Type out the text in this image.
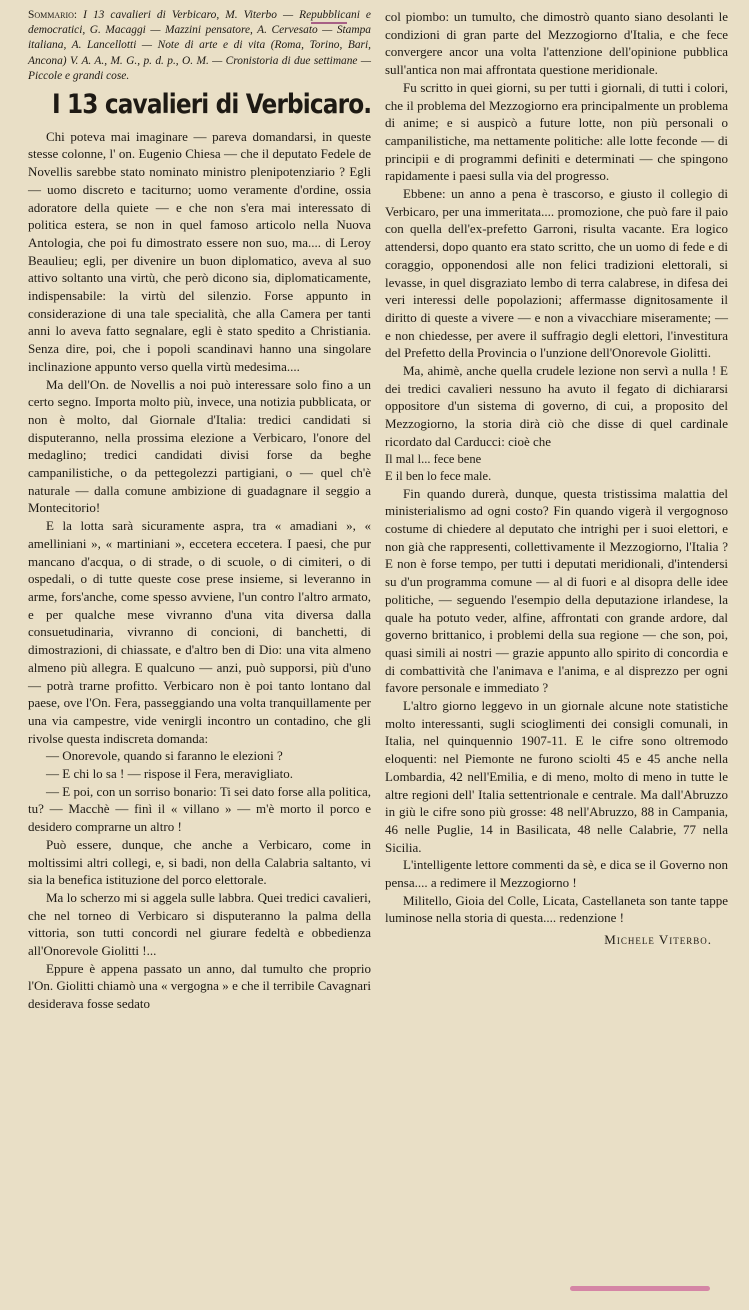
Sommario: I 13 cavalieri di Verbicaro, M. Viterbo — Repubblicani e democratici, G. Macaggi — Mazzini pensatore, A. Cervesato — Stampa italiana, A. Lancellotti — Note di arte e di vita (Roma, Torino, Bari, Ancona) V. A. A., M. G., p. d. p., O. M. — Cronistoria di due settimane — Piccole e grandi cose.

I 13 cavalieri di Verbicaro.

Chi poteva mai imaginare — pareva domandarsi, in queste stesse colonne, l' on. Eugenio Chiesa — che il deputato Fedele de Novellis sarebbe stato nominato ministro plenipotenziario ? Egli — uomo discreto e taciturno; uomo veramente d'ordine, ossia adoratore della quiete — e che non s'era mai interessato di politica estera, se non in quel famoso articolo nella Nuova Antologia, che poi fu dimostrato essere non suo, ma.... di Leroy Beaulieu; egli, per divenire un buon diplomatico, aveva al suo attivo soltanto una virtù, che però dicono sia, diplomaticamente, indispensabile: la virtù del silenzio. Forse appunto in considerazione di una tale specialità, che alla Camera per tanti anni lo aveva fatto segnalare, egli è stato spedito a Christiania. Senza dire, poi, che i popoli scandinavi hanno una singolare inclinazione appunto verso quella virtù medesima....

Ma dell'On. de Novellis a noi può interessare solo fino a un certo segno. Importa molto più, invece, una notizia pubblicata, or non è molto, dal Giornale d'Italia: tredici candidati si disputeranno, nella prossima elezione a Verbicaro, l'onore del medaglino; tredici candidati divisi forse da beghe campanilistiche, o da pettegolezzi partigiani, o — quel ch'è naturale — dalla comune ambizione di guadagnare il seggio a Montecitorio!

E la lotta sarà sicuramente aspra, tra « amadiani », « amelliniani », « martiniani », eccetera eccetera. I paesi, che pur mancano d'acqua, o di strade, o di scuole, o di cimiteri, o di ospedali, o di tutte queste cose prese insieme, si leveranno in arme, fors'anche, come spesso avviene, l'un contro l'altro armato, e per qualche mese vivranno d'una vita diversa dalla consuetudinaria, vivranno di concioni, di banchetti, di dimostrazioni, di chiassate, e d'altro ben di Dio: una vita almeno almeno più allegra. E qualcuno — anzi, può supporsi, più d'uno — potrà trarne profitto. Verbicaro non è poi tanto lontano dal paese, ove l'On. Fera, passeggiando una volta tranquillamente per una via campestre, vide venirgli incontro un contadino, che gli rivolse questa indiscreta domanda:

— Onorevole, quando si faranno le elezioni ?

— E chi lo sa ! — rispose il Fera, meravigliato.

— E poi, con un sorriso bonario: Ti sei dato forse alla politica, tu? — Macchè — finì il « villano » — m'è morto il porco e desidero comprarne un altro !

Può essere, dunque, che anche a Verbicaro, come in moltissimi altri collegi, e, si badi, non della Calabria saltanto, vi sia la benefica istituzione del porco elettorale.

Ma lo scherzo mi si aggela sulle labbra. Quei tredici cavalieri, che nel torneo di Verbicaro si disputeranno la palma della vittoria, son tutti concordi nel giurare fedeltà e obbedienza all'Onorevole Giolitti !...

Eppure è appena passato un anno, dal tumulto che proprio l'On. Giolitti chiamò una « vergogna » e che il terribile Cavagnari desiderava fosse sedato

col piombo: un tumulto, che dimostrò quanto siano desolanti le condizioni di gran parte del Mezzogiorno d'Italia, e che fece convergere ancor una volta l'attenzione dell'opinione pubblica sull'antica non mai affrontata questione meridionale.

Fu scritto in quei giorni, su per tutti i giornali, di tutti i colori, che il problema del Mezzogiorno era principalmente un problema di anime; e si auspicò a future lotte, non più personali o campanilistiche, ma nettamente politiche: alle lotte feconde — di principii e di programmi definiti e determinati — che spingono rapidamente i paesi sulla via del progresso.

Ebbene: un anno a pena è trascorso, e giusto il collegio di Verbicaro, per una immeritata.... promozione, che può fare il paio con quella dell'ex-prefetto Garroni, risulta vacante. Era logico attendersi, dopo quanto era stato scritto, che un uomo di fede e di coraggio, opponendosi alle non felici tradizioni elettorali, si levasse, in quel disgraziato lembo di terra calabrese, in difesa dei veri interessi delle popolazioni; affermasse dignitosamente il diritto di queste a vivere — e non a vivacchiare miseramente; — e non chiedesse, per avere il suffragio degli elettori, l'investitura del Prefetto della Provincia o l'unzione dell'Onorevole Giolitti.

Ma, ahimè, anche quella crudele lezione non servì a nulla ! E dei tredici cavalieri nessuno ha avuto il fegato di dichiararsi oppositore d'un sistema di governo, di cui, a proposito del Mezzogiorno, la storia dirà ciò che disse di quel cardinale ricordato dal Carducci: cioè che

Il mal l... fece bene
E il ben lo fece male.

Fin quando durerà, dunque, questa tristissima malattia del ministerialismo ad ogni costo? Fin quando vigerà il vergognoso costume di chiedere al deputato che intrighi per i suoi elettori, e non già che rappresenti, collettivamente il Mezzogiorno, l'Italia ? E non è forse tempo, per tutti i deputati meridionali, d'intendersi su d'un programma comune — al di fuori e al disopra delle idee politiche, — seguendo l'esempio della deputazione irlandese, la quale ha potuto veder, alfine, affrontati con grande ardore, dal governo brittanico, i problemi della sua regione — che son, poi, quasi simili ai nostri — grazie appunto allo spirito di concordia e di combattività che l'animava e l'anima, e al disprezzo per ogni favore personale e immediato ?

L'altro giorno leggevo in un giornale alcune note statistiche molto interessanti, sugli scioglimenti dei consigli comunali, in Italia, nel quinquennio 1907-11. E le cifre sono oltremodo eloquenti: nel Piemonte ne furono sciolti 45 e 45 anche nella Lombardia, 42 nell'Emilia, e di meno, molto di meno in tutte le altre regioni dell' Italia settentrionale e centrale. Ma dall'Abruzzo in giù le cifre sono più grosse: 48 nell'Abruzzo, 88 in Campania, 46 nelle Puglie, 14 in Basilicata, 48 nelle Calabrie, 77 nella Sicilia.

L'intelligente lettore commenti da sè, e dica se il Governo non pensa.... a redimere il Mezzogiorno !

Militello, Gioia del Colle, Licata, Castellaneta son tante tappe luminose nella storia di questa.... redenzione !

Michele Viterbo.
